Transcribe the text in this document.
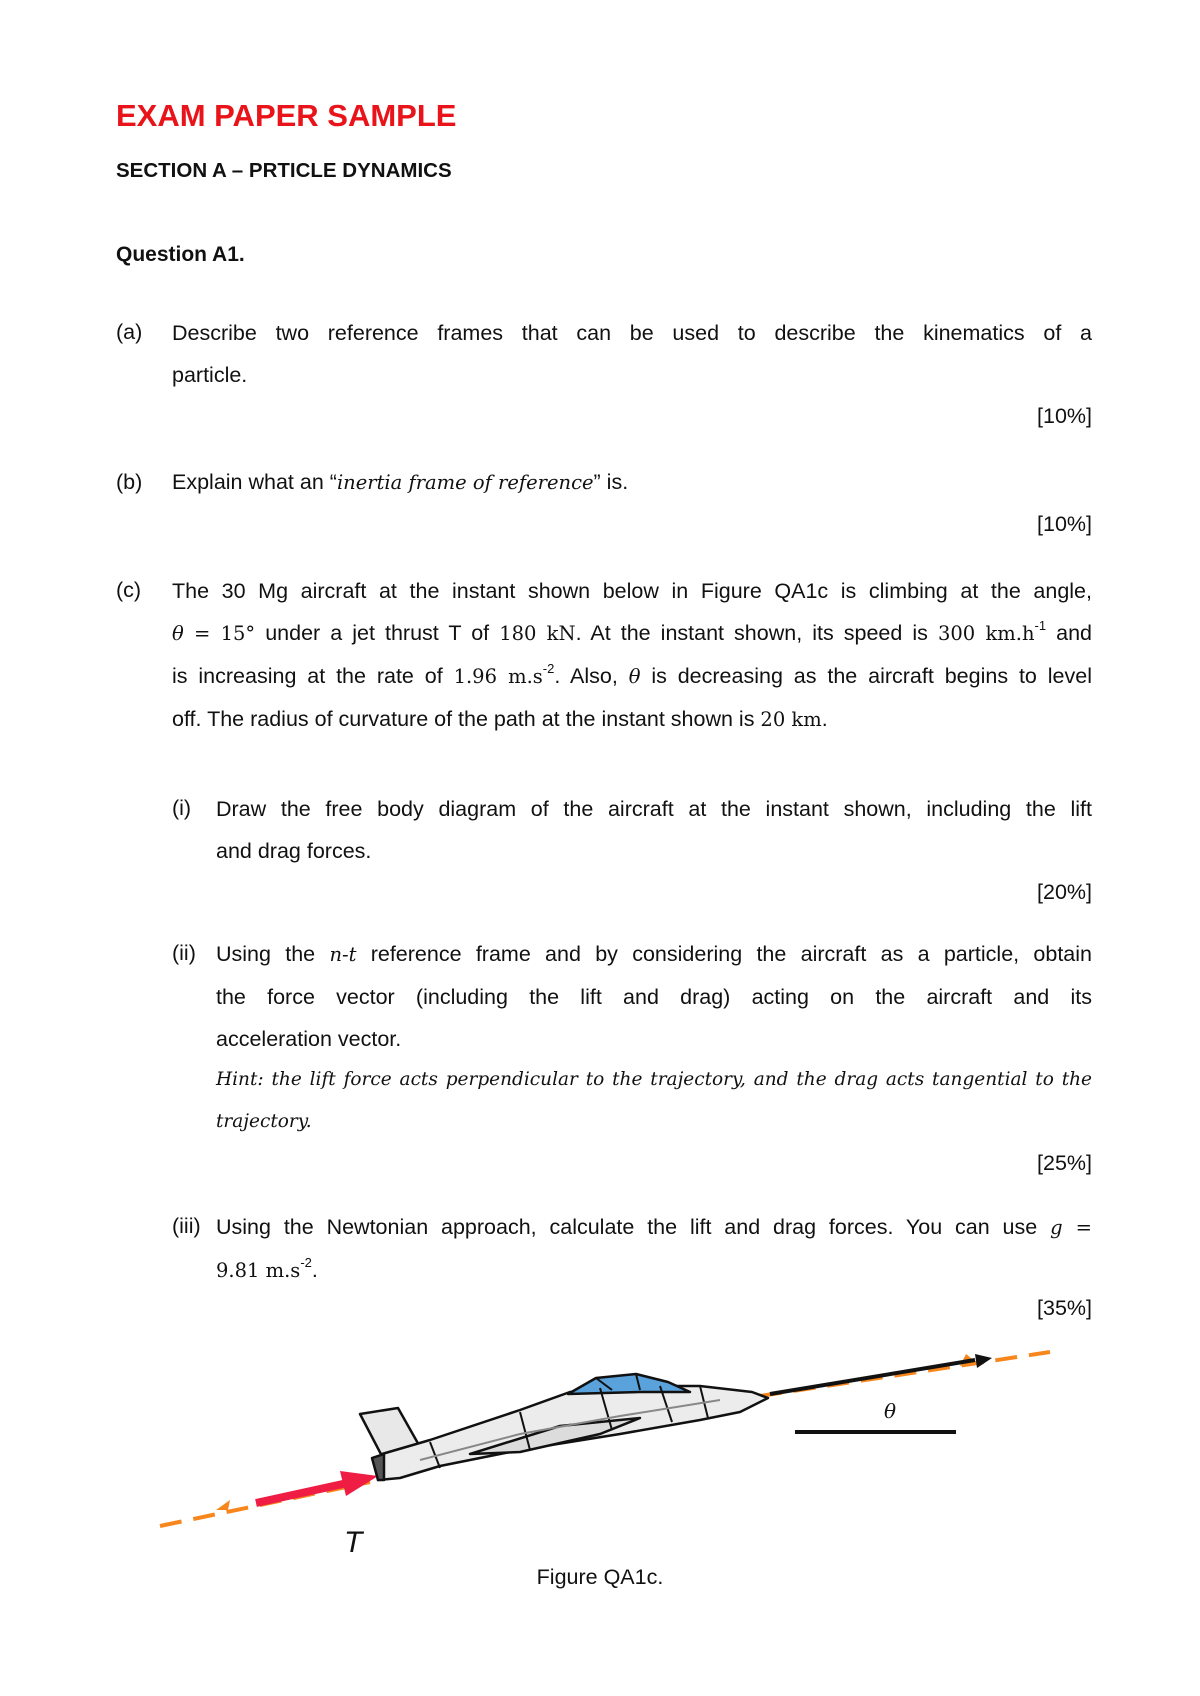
EXAM PAPER SAMPLE
SECTION A – PRTICLE DYNAMICS
Question A1.
(a) Describe two reference frames that can be used to describe the kinematics of a
particle.
[10%]
(b) Explain what an “inertia frame of reference” is.
[10%]
(c) The 30 Mg aircraft at the instant shown below in Figure QA1c is climbing at the angle,
θ = 15° under a jet thrust T of 180 kN. At the instant shown, its speed is 300 $km.h^{-1}$ and
is increasing at the rate of 1.96 $m.s^{-2}$. Also, θ is decreasing as the aircraft begins to level
off. The radius of curvature of the path at the instant shown is 20 km.
(i) Draw the free body diagram of the aircraft at the instant shown, including the lift
and drag forces.
[20%]
(ii) Using the n-t reference frame and by considering the aircraft as a particle, obtain
the force vector (including the lift and drag) acting on the aircraft and its
acceleration vector.
Hint: the lift force acts perpendicular to the trajectory, and the drag acts tangential to the
trajectory.
[25%]
(iii) Using the Newtonian approach, calculate the lift and drag forces. You can use g =
9.81 $m.s^{-2}$.
[35%]
T
θ
Figure QA1c.
